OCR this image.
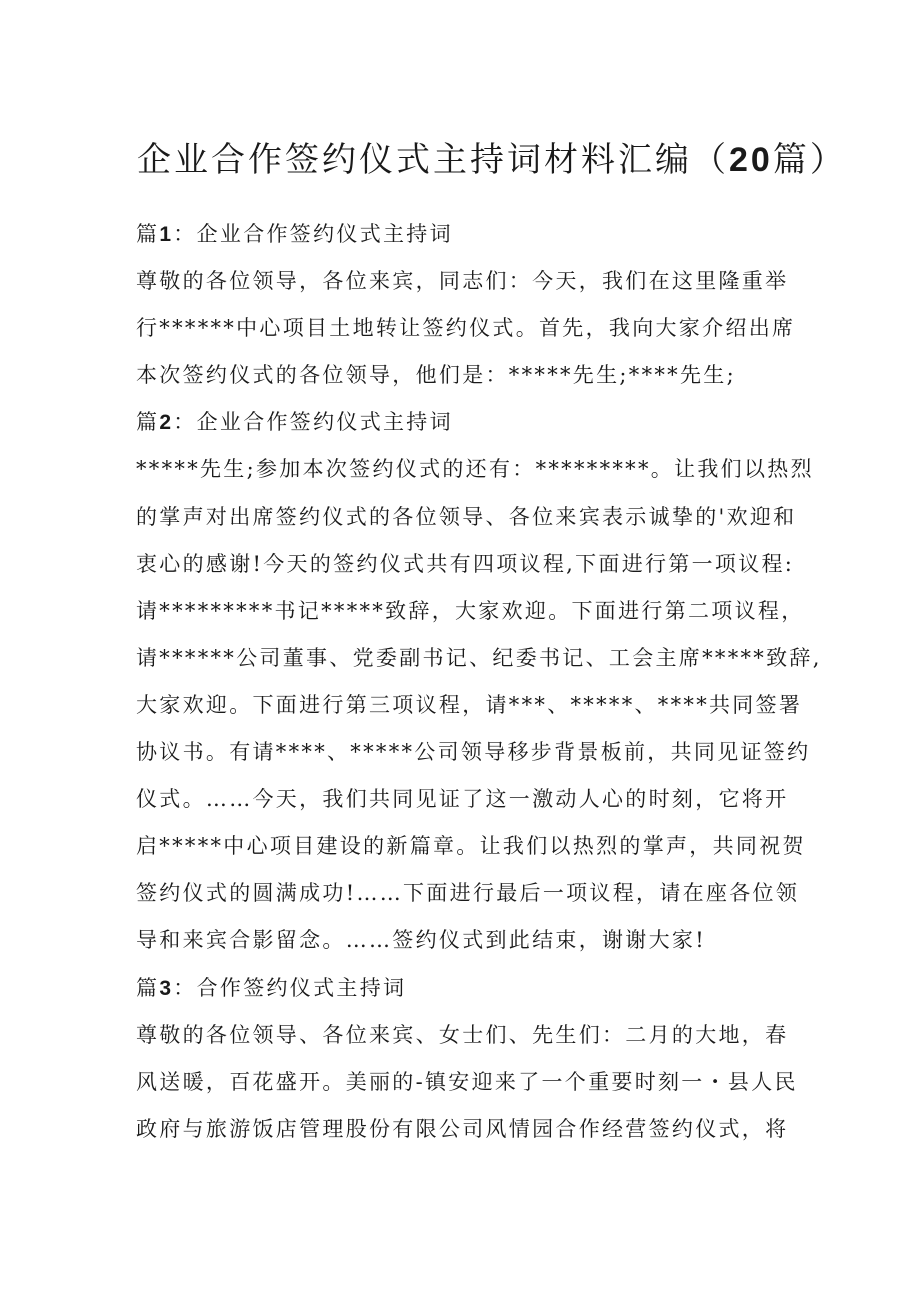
企业合作签约仪式主持词材料汇编（20篇）
篇1：企业合作签约仪式主持词
尊敬的各位领导，各位来宾，同志们：今天，我们在这里隆重举
行******中心项目土地转让签约仪式。首先，我向大家介绍出席
本次签约仪式的各位领导，他们是：*****先生;****先生;
篇2：企业合作签约仪式主持词
*****先生;参加本次签约仪式的还有：*********。让我们以热烈
的掌声对出席签约仪式的各位领导、各位来宾表示诚挚的'欢迎和
衷心的感谢!今天的签约仪式共有四项议程,下面进行第一项议程:
请*********书记*****致辞，大家欢迎。下面进行第二项议程，
请******公司董事、党委副书记、纪委书记、工会主席*****致辞,
大家欢迎。下面进行第三项议程，请***、*****、****共同签署
协议书。有请****、*****公司领导移步背景板前，共同见证签约
仪式。……今天，我们共同见证了这一激动人心的时刻，它将开
启*****中心项目建设的新篇章。让我们以热烈的掌声，共同祝贺
签约仪式的圆满成功!……下面进行最后一项议程，请在座各位领
导和来宾合影留念。……签约仪式到此结束，谢谢大家!
篇3：合作签约仪式主持词
尊敬的各位领导、各位来宾、女士们、先生们：二月的大地，春
风送暖，百花盛开。美丽的-镇安迎来了一个重要时刻一・县人民
政府与旅游饭店管理股份有限公司风情园合作经营签约仪式，将
